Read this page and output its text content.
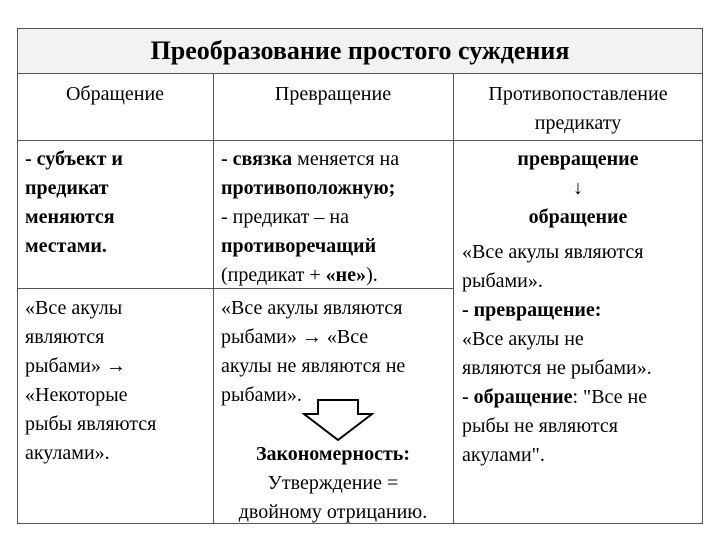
Преобразование простого суждения
Обращение	Превращение	Противопоставление
предикату
- субъект и
предикат
меняются
местами.
«Все акулы
являются
рыбами» →
«Некоторые
рыбы являются
акулами».
- связка меняется на
противоположную;
- предикат – на
противоречащий
(предикат + «не»).
«Все акулы являются
рыбами» → «Все
акулы не являются не
рыбами».
Закономерность:
Утверждение =
двойному отрицанию.
превращение
↓
обращение
«Все акулы являются
рыбами».
- превращение:
«Все акулы не
являются не рыбами».
- обращение: "Все не
рыбы не являются
акулами".
